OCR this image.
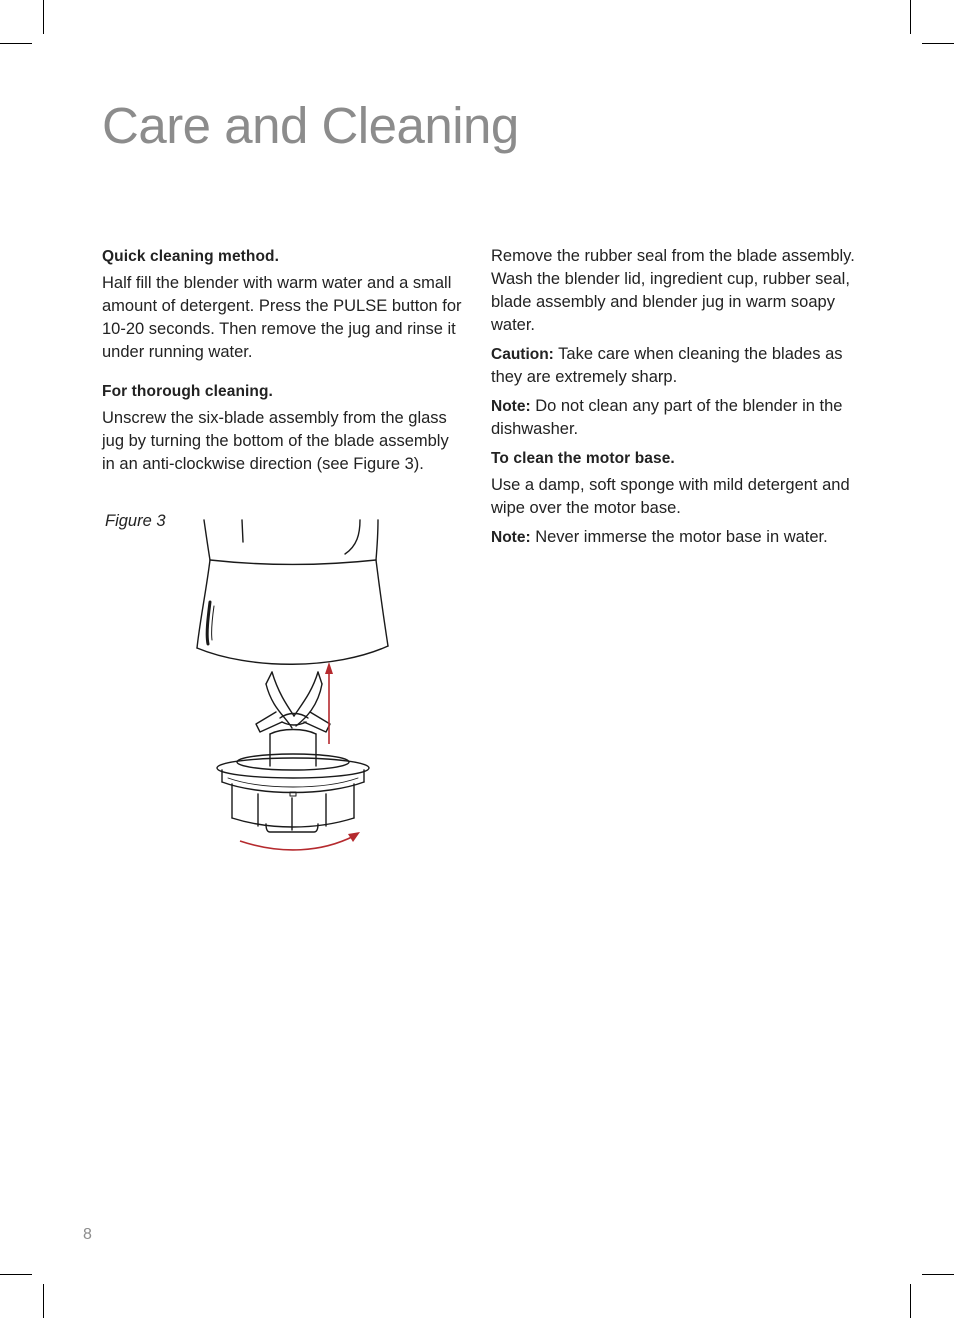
Care and Cleaning

Quick cleaning method.

Half fill the blender with warm water and a small amount of detergent. Press the PULSE button for 10-20 seconds. Then remove the jug and rinse it under running water.

For thorough cleaning.

Unscrew the six-blade assembly from the glass jug by turning the bottom of the blade assembly in an anti-clockwise direction (see Figure 3).

Figure 3

Remove the rubber seal from the blade assembly. Wash the blender lid, ingredient cup, rubber seal, blade assembly and blender jug in warm soapy water.

Caution: Take care when cleaning the blades as they are extremely sharp.

Note: Do not clean any part of the blender in the dishwasher.

To clean the motor base.

Use a damp, soft sponge with mild detergent and wipe over the motor base.

Note: Never immerse the motor base in water.

8
